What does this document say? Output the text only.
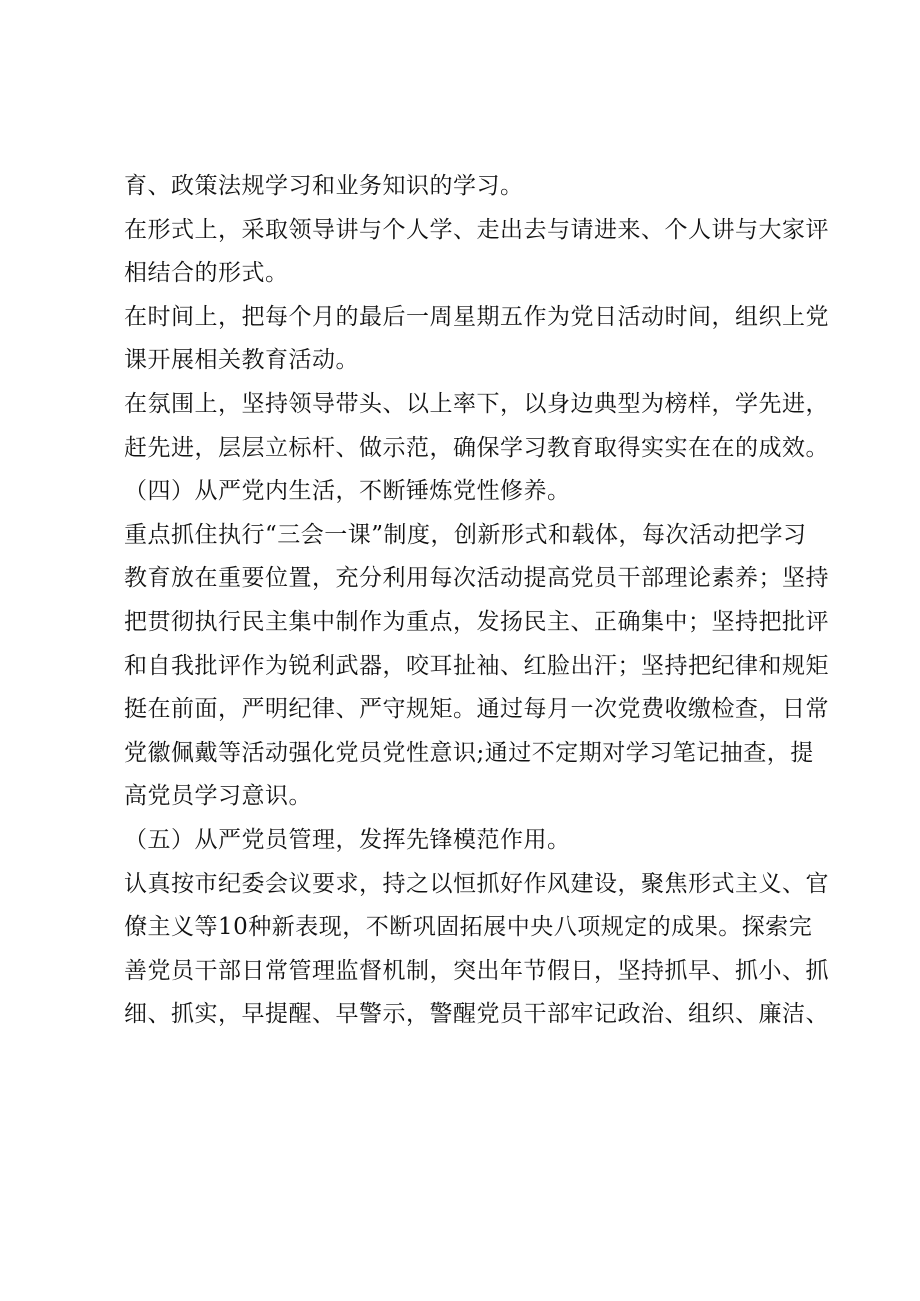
育、政策法规学习和业务知识的学习。
在形式上，采取领导讲与个人学、走出去与请进来、个人讲与大家评
相结合的形式。
在时间上，把每个月的最后一周星期五作为党日活动时间，组织上党
课开展相关教育活动。
在氛围上，坚持领导带头、以上率下，以身边典型为榜样，学先进，
赶先进，层层立标杆、做示范，确保学习教育取得实实在在的成效。
（四）从严党内生活，不断锤炼党性修养。
重点抓住执行“三会一课”制度，创新形式和载体，每次活动把学习
教育放在重要位置，充分利用每次活动提高党员干部理论素养；坚持
把贯彻执行民主集中制作为重点，发扬民主、正确集中；坚持把批评
和自我批评作为锐利武器，咬耳扯袖、红脸出汗；坚持把纪律和规矩
挺在前面，严明纪律、严守规矩。通过每月一次党费收缴检查，日常
党徽佩戴等活动强化党员党性意识;通过不定期对学习笔记抽查，提
高党员学习意识。
（五）从严党员管理，发挥先锋模范作用。
认真按市纪委会议要求，持之以恒抓好作风建设，聚焦形式主义、官
僚主义等10种新表现，不断巩固拓展中央八项规定的成果。探索完
善党员干部日常管理监督机制，突出年节假日，坚持抓早、抓小、抓
细、抓实，早提醒、早警示，警醒党员干部牢记政治、组织、廉洁、
